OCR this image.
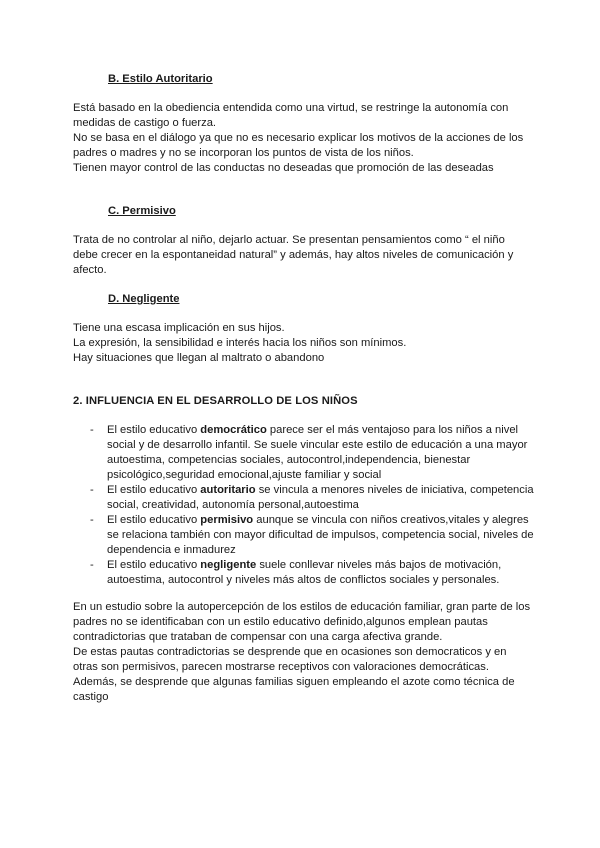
B. Estilo Autoritario
Está basado en la obediencia entendida como una virtud, se restringe la autonomía con
medidas de castigo o fuerza.
No se basa en el diálogo ya que no es necesario explicar los motivos de la acciones de los
padres o madres y no se incorporan los puntos de vista de los niños.
Tienen mayor control de las conductas no deseadas que promoción de las deseadas
C. Permisivo
Trata de no controlar al niño, dejarlo actuar. Se presentan pensamientos como “ el niño
debe crecer en la espontaneidad natural” y además, hay altos niveles de comunicación y
afecto.
D. Negligente
Tiene una escasa implicación en sus hijos.
La expresión, la sensibilidad e interés hacia los niños son mínimos.
Hay situaciones que llegan al maltrato o abandono
2. INFLUENCIA EN EL DESARROLLO DE LOS NIÑOS
- El estilo educativo democrático parece ser el más ventajoso para los niños a nivel social y de desarrollo infantil. Se suele vincular este estilo de educación a una mayor autoestima, competencias sociales, autocontrol,independencia, bienestar psicológico,seguridad emocional,ajuste familiar y social
- El estilo educativo autoritario se vincula a menores niveles de iniciativa, competencia social, creatividad, autonomía personal,autoestima
- El estilo educativo permisivo aunque se vincula con niños creativos,vitales y alegres se relaciona también con mayor dificultad de impulsos, competencia social, niveles de dependencia e inmadurez
- El estilo educativo negligente suele conllevar niveles más bajos de motivación, autoestima, autocontrol y niveles más altos de conflictos sociales y personales.
En un estudio sobre la autopercepción de los estilos de educación familiar, gran parte de los
padres no se identificaban con un estilo educativo definido,algunos emplean pautas
contradictorias que trataban de compensar con una carga afectiva grande.
De estas pautas contradictorias se desprende que en ocasiones son democraticos y en
otras son permisivos, parecen mostrarse receptivos con valoraciones democráticas.
Además, se desprende que algunas familias siguen empleando el azote como técnica de
castigo
